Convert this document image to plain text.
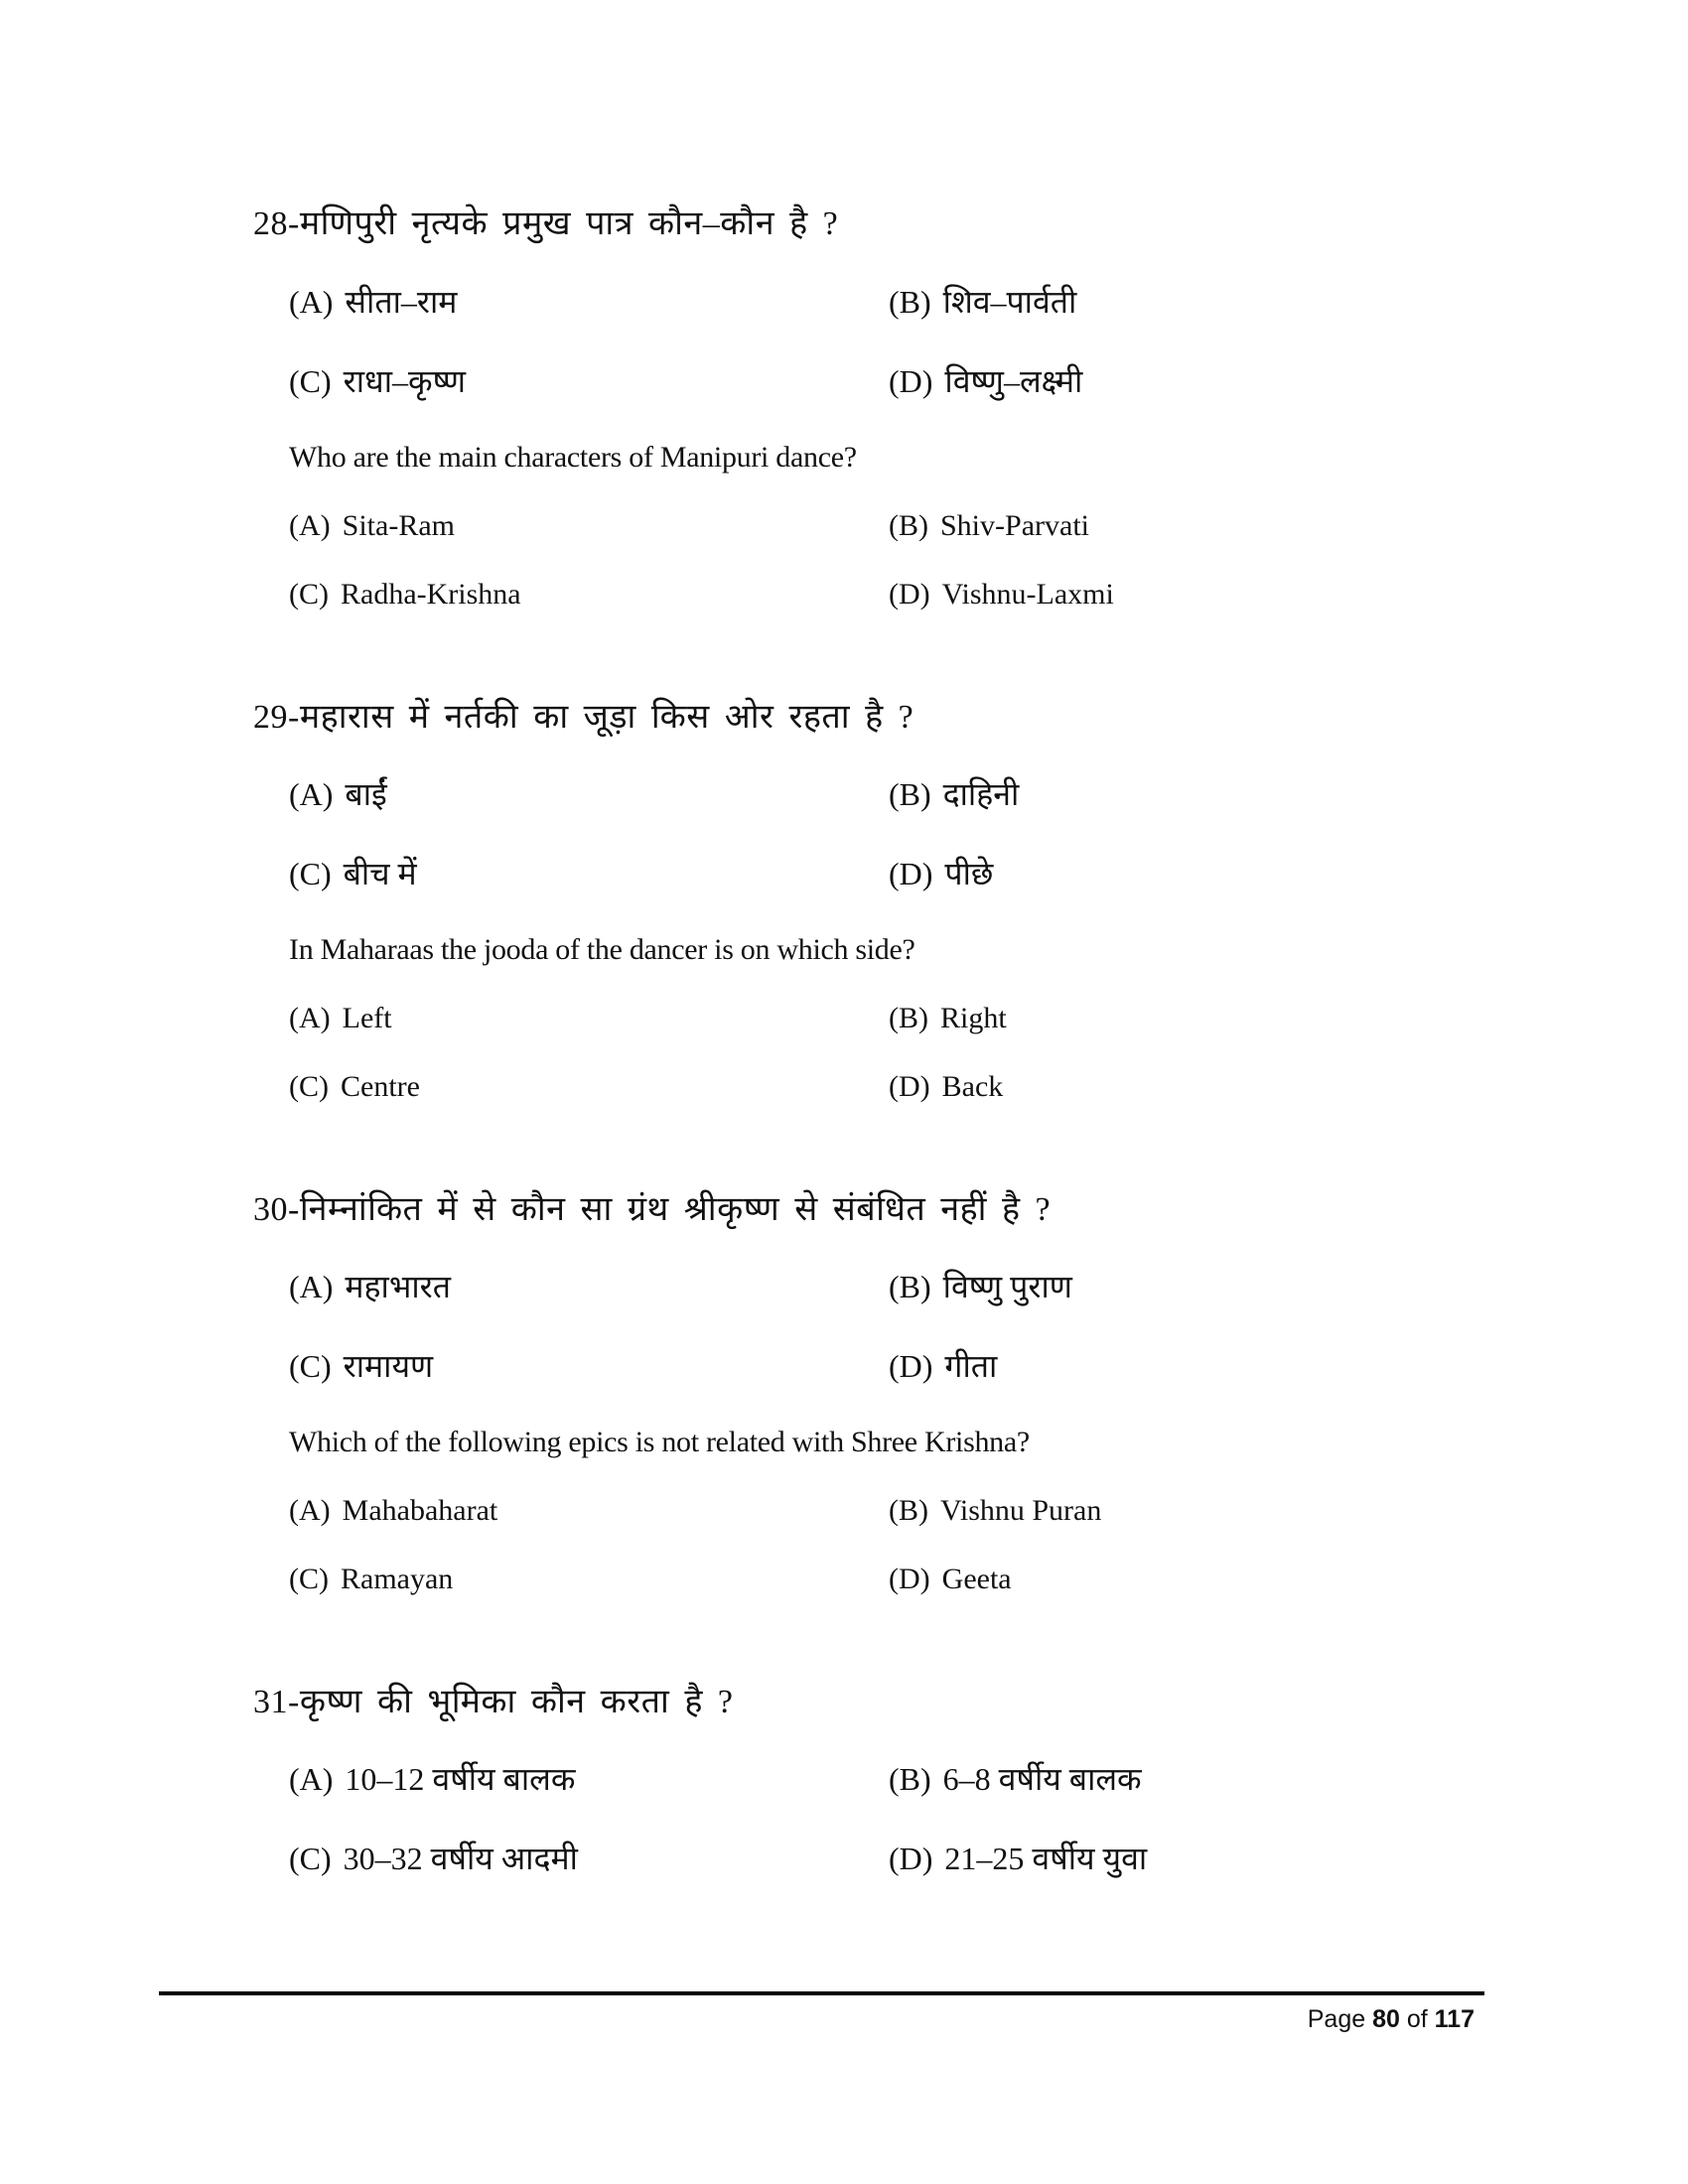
28-मणिपुरी नृत्यके प्रमुख पात्र कौन–कौन है ?
(A) सीता–राम	(B) शिव–पार्वती
(C) राधा–कृष्ण	(D) विष्णु–लक्ष्मी
Who are the main characters of Manipuri dance?
(A) Sita-Ram	(B) Shiv-Parvati
(C) Radha-Krishna	(D) Vishnu-Laxmi
29-महारास में नर्तकी का जूड़ा किस ओर रहता है ?
(A) बाईं	(B) दाहिनी
(C) बीच में	(D) पीछे
In Maharaas the jooda of the dancer is on which side?
(A) Left	(B) Right
(C) Centre	(D) Back
30-निम्नांकित में से कौन सा ग्रंथ श्रीकृष्ण से संबंधित नहीं है ?
(A) महाभारत	(B) विष्णु पुराण
(C) रामायण	(D) गीता
Which of the following epics is not related with Shree Krishna?
(A) Mahabaharat	(B) Vishnu Puran
(C) Ramayan	(D) Geeta
31-कृष्ण की भूमिका कौन करता है ?
(A) 10–12 वर्षीय बालक	(B) 6–8 वर्षीय बालक
(C) 30–32 वर्षीय आदमी	(D) 21–25 वर्षीय युवा
Page 80 of 117
